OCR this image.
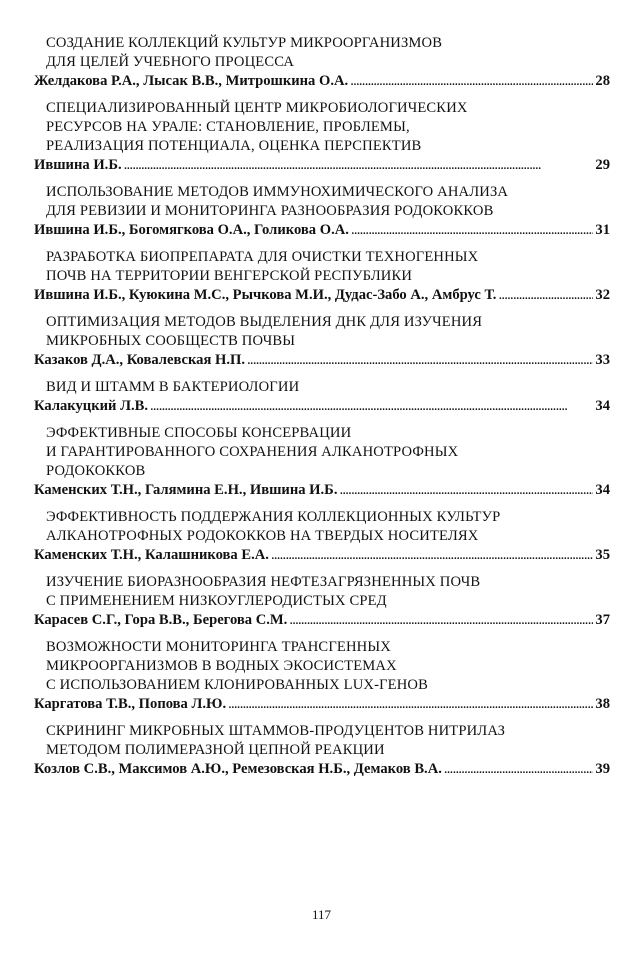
СОЗДАНИЕ КОЛЛЕКЦИЙ КУЛЬТУР МИКРООРГАНИЗМОВ
ДЛЯ ЦЕЛЕЙ УЧЕБНОГО ПРОЦЕССА
Желдакова Р.А., Лысак В.В., Митрошкина О.А. . . .	28
СПЕЦИАЛИЗИРОВАННЫЙ ЦЕНТР МИКРОБИОЛОГИЧЕСКИХ
РЕСУРСОВ НА УРАЛЕ: СТАНОВЛЕНИЕ, ПРОБЛЕМЫ,
РЕАЛИЗАЦИЯ ПОТЕНЦИАЛА, ОЦЕНКА ПЕРСПЕКТИВ
Ившина И.Б. . . .	29
ИСПОЛЬЗОВАНИЕ МЕТОДОВ ИММУНОХИМИЧЕСКОГО АНАЛИЗА
ДЛЯ РЕВИЗИИ И МОНИТОРИНГА РАЗНООБРАЗИЯ РОДОКОККОВ
Ившина И.Б., Богомягкова О.А., Голикова О.А. . . .	31
РАЗРАБОТКА БИОПРЕПАРАТА ДЛЯ ОЧИСТКИ ТЕХНОГЕННЫХ
ПОЧВ НА ТЕРРИТОРИИ ВЕНГЕРСКОЙ РЕСПУБЛИКИ
Ившина И.Б., Куюкина М.С., Рычкова М.И., Дудас-Забо А., Амбрус Т. . . .	32
ОПТИМИЗАЦИЯ МЕТОДОВ ВЫДЕЛЕНИЯ ДНК ДЛЯ ИЗУЧЕНИЯ
МИКРОБНЫХ СООБЩЕСТВ ПОЧВЫ
Казаков Д.А., Ковалевская Н.П. . . .	33
ВИД И ШТАММ В БАКТЕРИОЛОГИИ
Калакуцкий Л.В. . . .	34
ЭФФЕКТИВНЫЕ СПОСОБЫ КОНСЕРВАЦИИ
И ГАРАНТИРОВАННОГО СОХРАНЕНИЯ АЛКАНОТРОФНЫХ
РОДОКОККОВ
Каменских Т.Н., Галямина Е.Н., Ившина И.Б. . . .	34
ЭФФЕКТИВНОСТЬ ПОДДЕРЖАНИЯ КОЛЛЕКЦИОННЫХ КУЛЬТУР
АЛКАНОТРОФНЫХ РОДОКОККОВ НА ТВЕРДЫХ НОСИТЕЛЯХ
Каменских Т.Н., Калашникова Е.А. . . .	35
ИЗУЧЕНИЕ БИОРАЗНООБРАЗИЯ НЕФТЕЗАГРЯЗНЕННЫХ ПОЧВ
С ПРИМЕНЕНИЕМ НИЗКОУГЛЕРОДИСТЫХ СРЕД
Карасев С.Г., Гора В.В., Берегова С.М. . . .	37
ВОЗМОЖНОСТИ МОНИТОРИНГА ТРАНСГЕННЫХ
МИКРООРГАНИЗМОВ В ВОДНЫХ ЭКОСИСТЕМАХ
С ИСПОЛЬЗОВАНИЕМ КЛОНИРОВАННЫХ LUX-ГЕНОВ
Каргатова Т.В., Попова Л.Ю. . . .	38
СКРИНИНГ МИКРОБНЫХ ШТАММОВ-ПРОДУЦЕНТОВ НИТРИЛАЗ
МЕТОДОМ ПОЛИМЕРАЗНОЙ ЦЕПНОЙ РЕАКЦИИ
Козлов С.В., Максимов А.Ю., Ремезовская Н.Б., Демаков В.А. . . .	39
117
